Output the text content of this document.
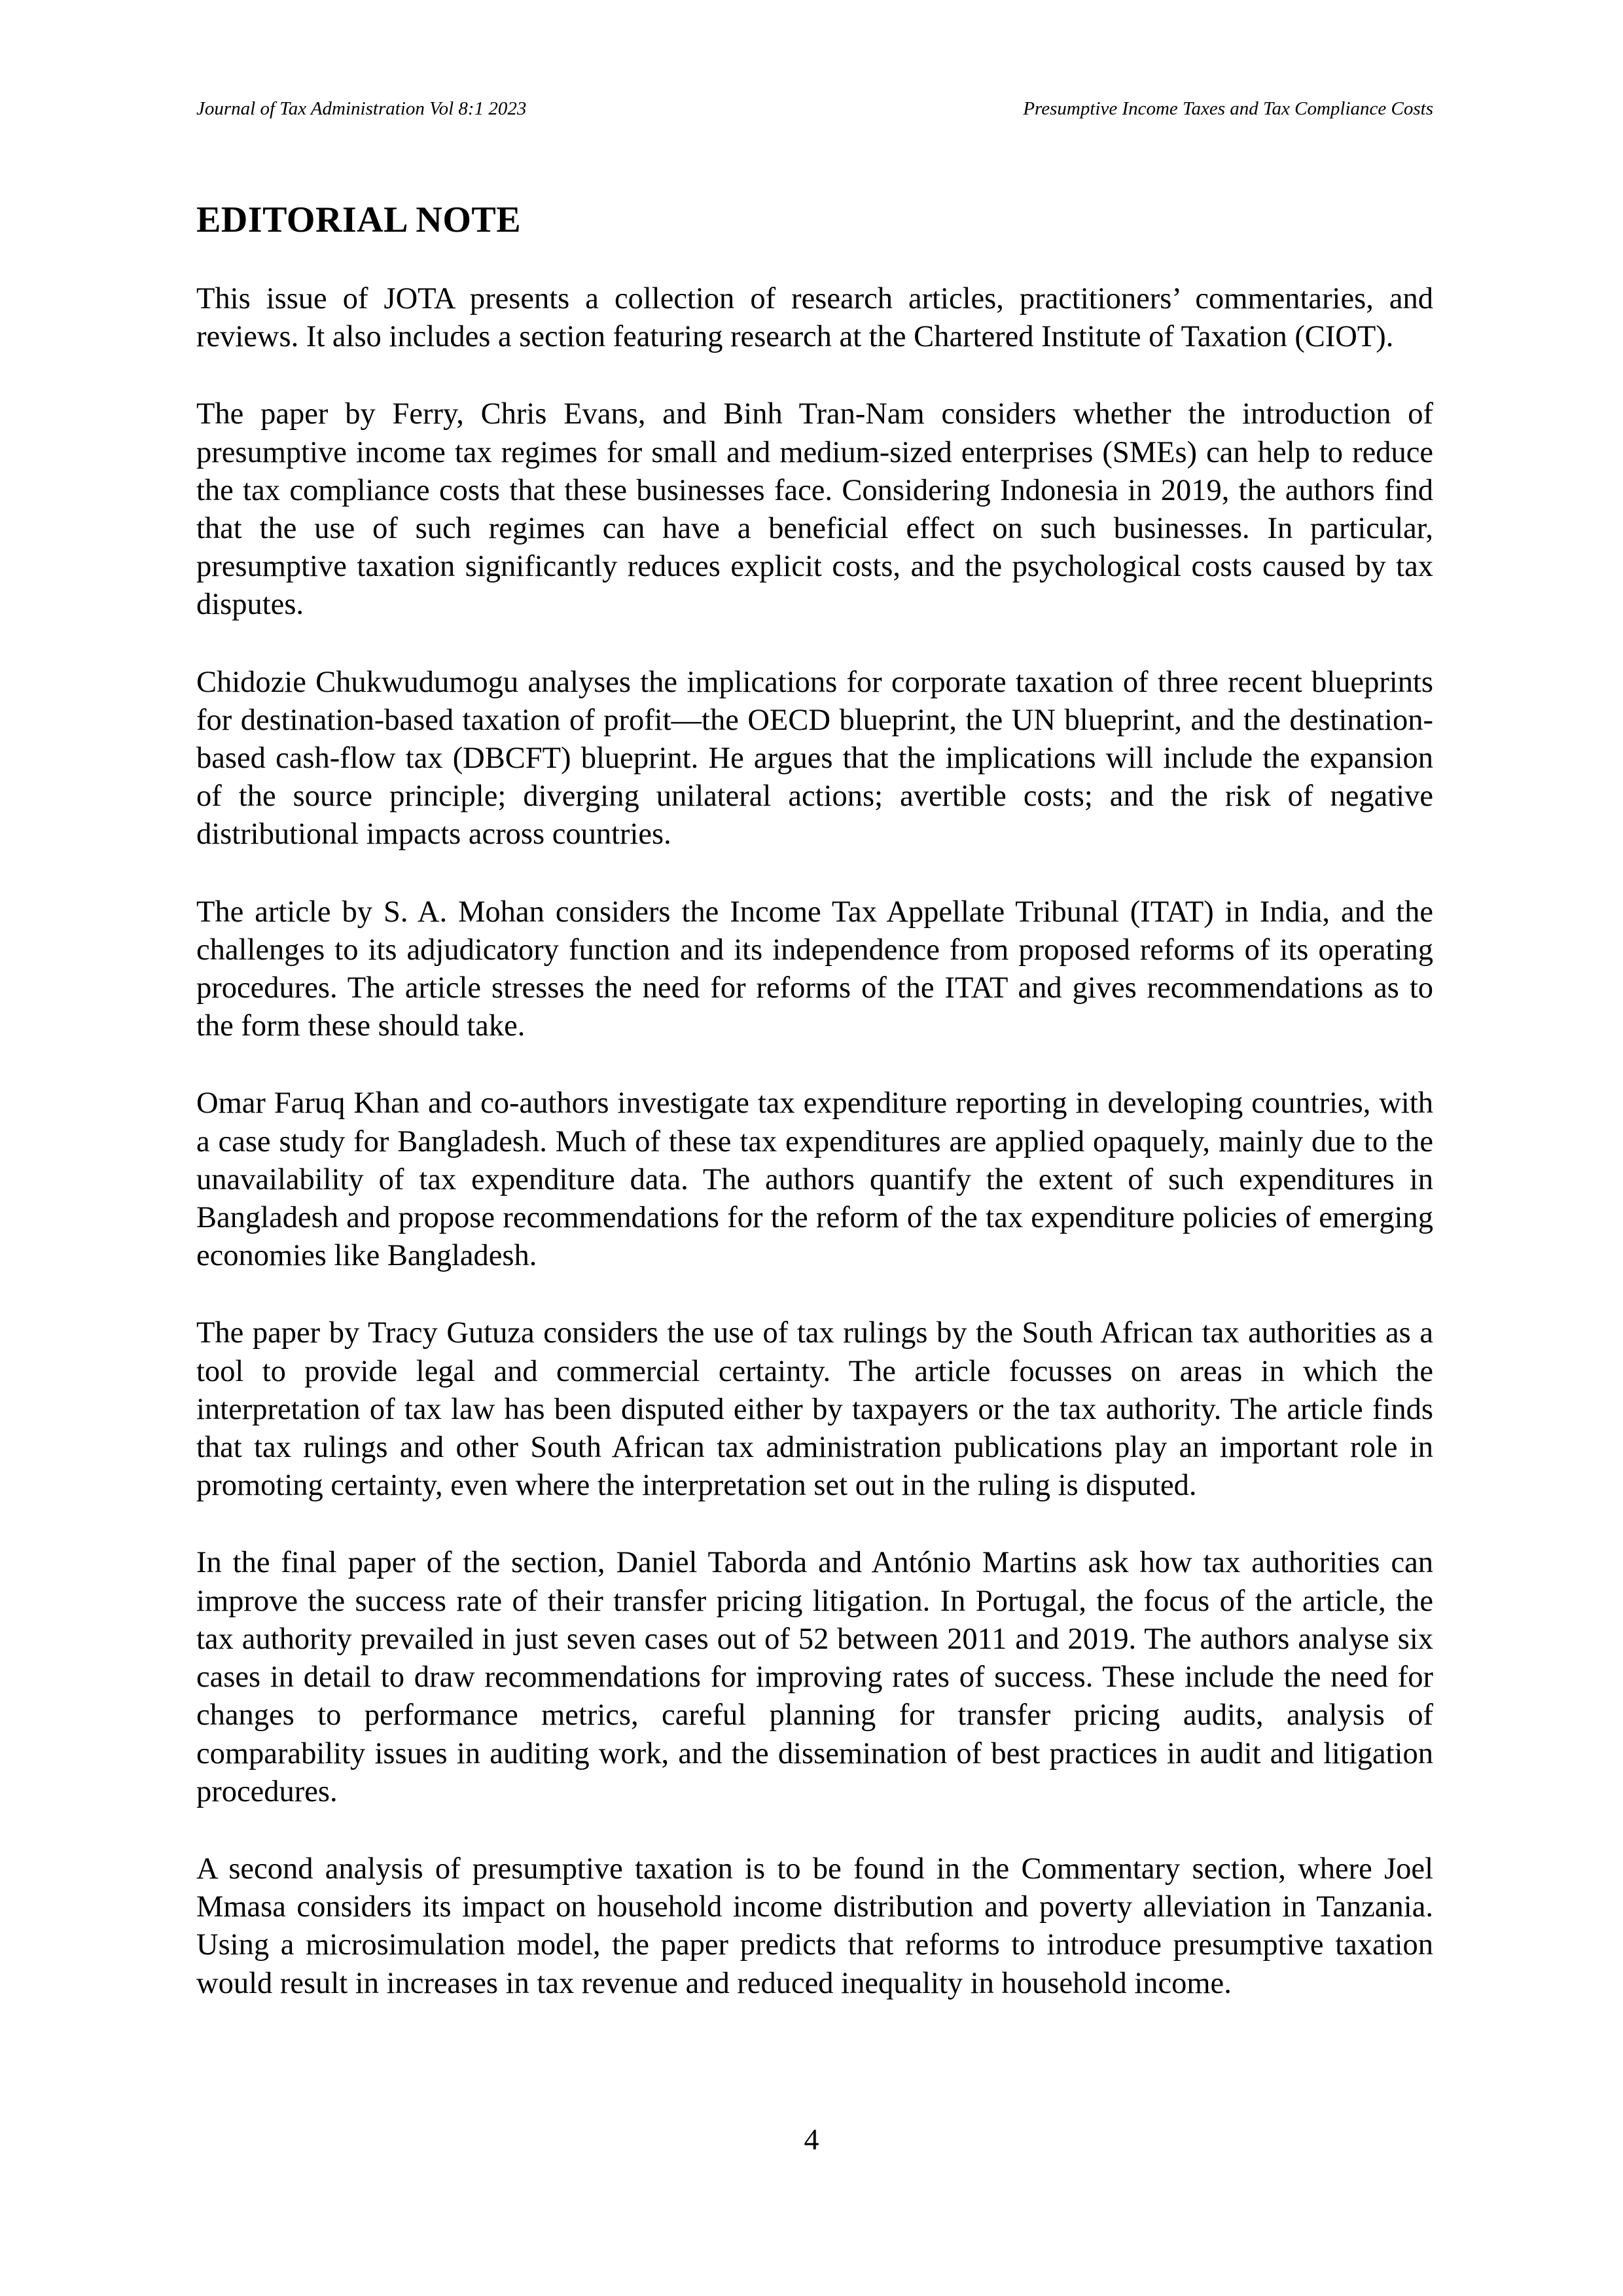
Journal of Tax Administration Vol 8:1 2023	Presumptive Income Taxes and Tax Compliance Costs
EDITORIAL NOTE

This issue of JOTA presents a collection of research articles, practitioners’ commentaries, and reviews. It also includes a section featuring research at the Chartered Institute of Taxation (CIOT).

The paper by Ferry, Chris Evans, and Binh Tran-Nam considers whether the introduction of presumptive income tax regimes for small and medium-sized enterprises (SMEs) can help to reduce the tax compliance costs that these businesses face. Considering Indonesia in 2019, the authors find that the use of such regimes can have a beneficial effect on such businesses. In particular, presumptive taxation significantly reduces explicit costs, and the psychological costs caused by tax disputes.

Chidozie Chukwudumogu analyses the implications for corporate taxation of three recent blueprints for destination-based taxation of profit—the OECD blueprint, the UN blueprint, and the destination-based cash-flow tax (DBCFT) blueprint. He argues that the implications will include the expansion of the source principle; diverging unilateral actions; avertible costs; and the risk of negative distributional impacts across countries.

The article by S. A. Mohan considers the Income Tax Appellate Tribunal (ITAT) in India, and the challenges to its adjudicatory function and its independence from proposed reforms of its operating procedures. The article stresses the need for reforms of the ITAT and gives recommendations as to the form these should take.

Omar Faruq Khan and co-authors investigate tax expenditure reporting in developing countries, with a case study for Bangladesh. Much of these tax expenditures are applied opaquely, mainly due to the unavailability of tax expenditure data. The authors quantify the extent of such expenditures in Bangladesh and propose recommendations for the reform of the tax expenditure policies of emerging economies like Bangladesh.

The paper by Tracy Gutuza considers the use of tax rulings by the South African tax authorities as a tool to provide legal and commercial certainty. The article focusses on areas in which the interpretation of tax law has been disputed either by taxpayers or the tax authority. The article finds that tax rulings and other South African tax administration publications play an important role in promoting certainty, even where the interpretation set out in the ruling is disputed.

In the final paper of the section, Daniel Taborda and António Martins ask how tax authorities can improve the success rate of their transfer pricing litigation. In Portugal, the focus of the article, the tax authority prevailed in just seven cases out of 52 between 2011 and 2019. The authors analyse six cases in detail to draw recommendations for improving rates of success. These include the need for changes to performance metrics, careful planning for transfer pricing audits, analysis of comparability issues in auditing work, and the dissemination of best practices in audit and litigation procedures.

A second analysis of presumptive taxation is to be found in the Commentary section, where Joel Mmasa considers its impact on household income distribution and poverty alleviation in Tanzania. Using a microsimulation model, the paper predicts that reforms to introduce presumptive taxation would result in increases in tax revenue and reduced inequality in household income.

4
